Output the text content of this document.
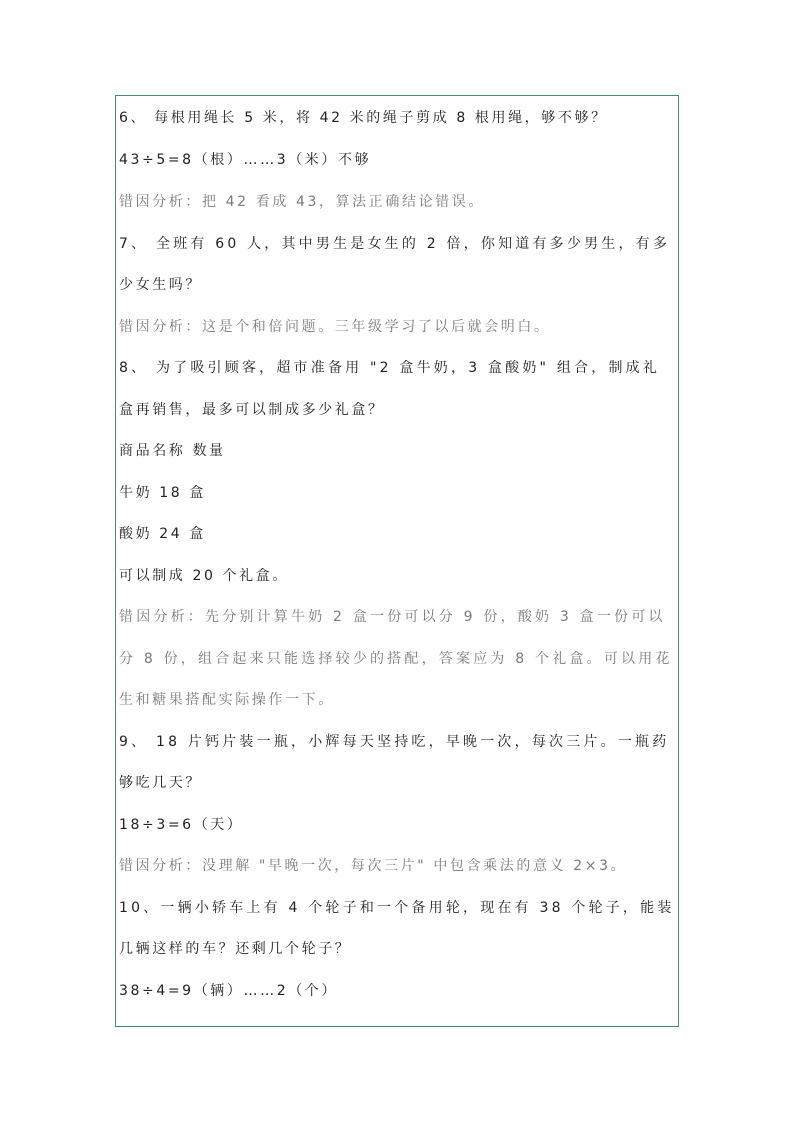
6、 每根用绳长 5 米，将 42 米的绳子剪成 8 根用绳，够不够？
43÷5=8（根）……3（米）不够
错因分析：把 42 看成 43，算法正确结论错误。
7、 全班有 60 人，其中男生是女生的 2 倍，你知道有多少男生，有多
少女生吗？
错因分析：这是个和倍问题。三年级学习了以后就会明白。
8、 为了吸引顾客，超市准备用 "2 盒牛奶，3 盒酸奶" 组合，制成礼
盒再销售，最多可以制成多少礼盒？
商品名称 数量
牛奶 18 盒
酸奶 24 盒
可以制成 20 个礼盒。
错因分析：先分别计算牛奶 2 盒一份可以分 9 份，酸奶 3 盒一份可以
分 8 份，组合起来只能选择较少的搭配，答案应为 8 个礼盒。可以用花
生和糖果搭配实际操作一下。
9、 18 片钙片装一瓶，小辉每天坚持吃，早晚一次，每次三片。一瓶药
够吃几天？
18÷3=6（天）
错因分析：没理解 "早晚一次，每次三片" 中包含乘法的意义 2×3。
10、一辆小轿车上有 4 个轮子和一个备用轮，现在有 38 个轮子，能装
几辆这样的车？还剩几个轮子？
38÷4=9（辆）……2（个）
